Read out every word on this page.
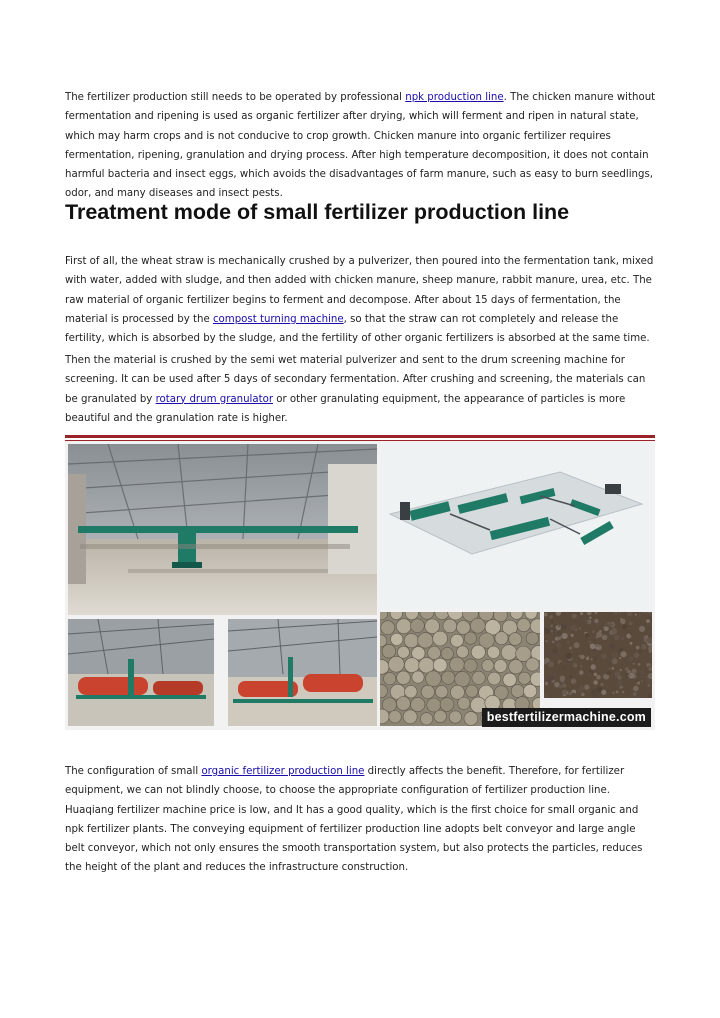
The fertilizer production still needs to be operated by professional npk production line. The chicken manure without fermentation and ripening is used as organic fertilizer after drying, which will ferment and ripen in natural state, which may harm crops and is not conducive to crop growth. Chicken manure into organic fertilizer requires fermentation, ripening, granulation and drying process. After high temperature decomposition, it does not contain harmful bacteria and insect eggs, which avoids the disadvantages of farm manure, such as easy to burn seedlings, odor, and many diseases and insect pests.

Treatment mode of small fertilizer production line

First of all, the wheat straw is mechanically crushed by a pulverizer, then poured into the fermentation tank, mixed with water, added with sludge, and then added with chicken manure, sheep manure, rabbit manure, urea, etc. The raw material of organic fertilizer begins to ferment and decompose. After about 15 days of fermentation, the material is processed by the compost turning machine, so that the straw can rot completely and release the fertility, which is absorbed by the sludge, and the fertility of other organic fertilizers is absorbed at the same time.

Then the material is crushed by the semi wet material pulverizer and sent to the drum screening machine for screening. It can be used after 5 days of secondary fermentation. After crushing and screening, the materials can be granulated by rotary drum granulator or other granulating equipment, the appearance of particles is more beautiful and the granulation rate is higher.

bestfertilizermachine.com

The configuration of small organic fertilizer production line directly affects the benefit. Therefore, for fertilizer equipment, we can not blindly choose, to choose the appropriate configuration of fertilizer production line. Huaqiang fertilizer machine price is low, and It has a good quality, which is the first choice for small organic and npk fertilizer plants. The conveying equipment of fertilizer production line adopts belt conveyor and large angle belt conveyor, which not only ensures the smooth transportation system, but also protects the particles, reduces the height of the plant and reduces the infrastructure construction.
